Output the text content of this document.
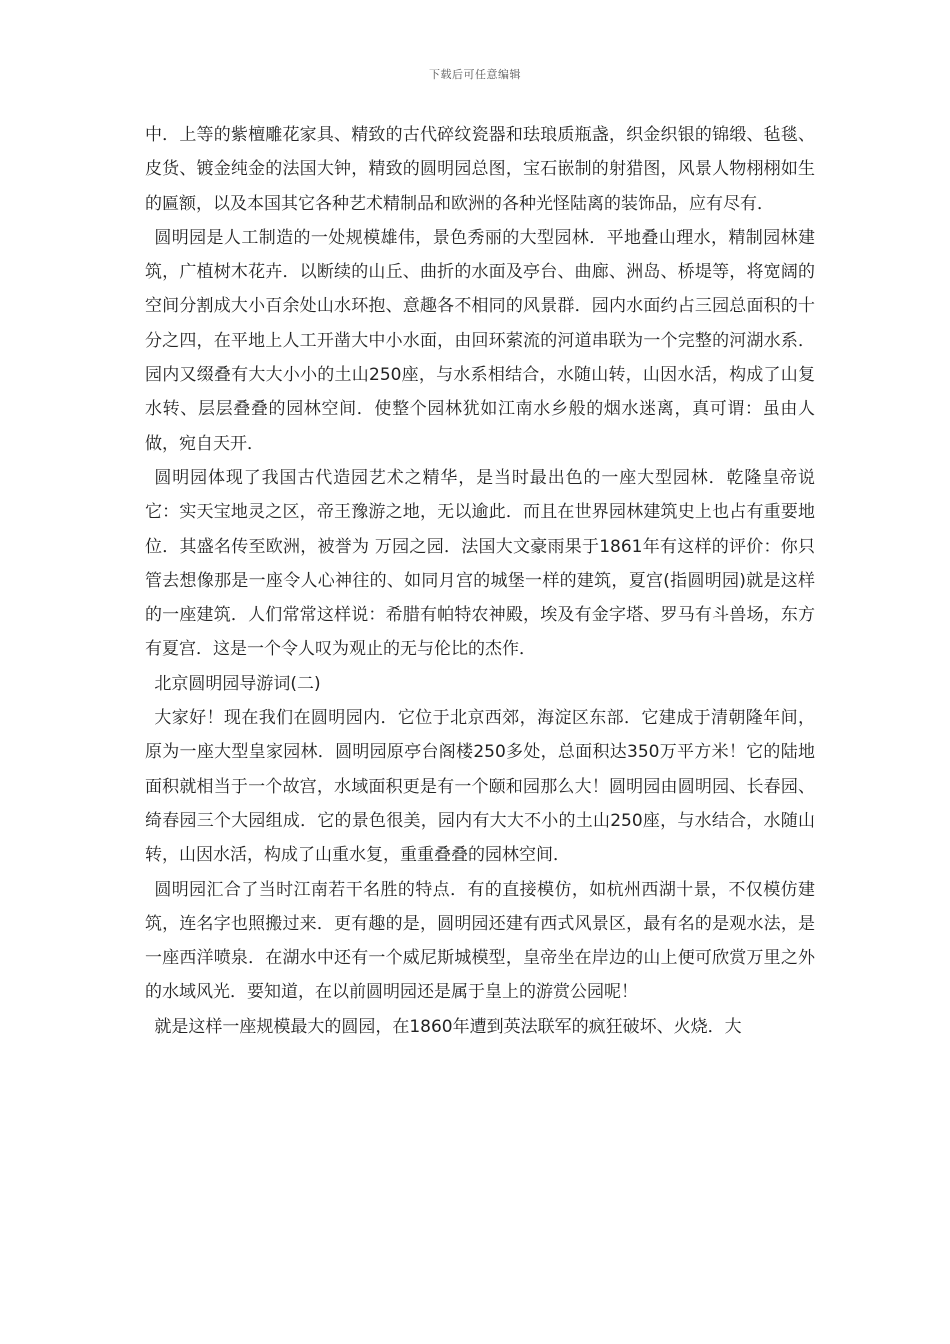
下载后可任意编辑

中．上等的紫檀雕花家具、精致的古代碎纹瓷器和珐琅质瓶盏，织金织银的锦缎、毡毯、皮货、镀金纯金的法国大钟，精致的圆明园总图，宝石嵌制的射猎图，风景人物栩栩如生的匾额，以及本国其它各种艺术精制品和欧洲的各种光怪陆离的装饰品，应有尽有．

圆明园是人工制造的一处规模雄伟，景色秀丽的大型园林．平地叠山理水，精制园林建筑，广植树木花卉．以断续的山丘、曲折的水面及亭台、曲廊、洲岛、桥堤等，将宽阔的空间分割成大小百余处山水环抱、意趣各不相同的风景群．园内水面约占三园总面积的十分之四，在平地上人工开凿大中小水面，由回环萦流的河道串联为一个完整的河湖水系．园内又缀叠有大大小小的土山250座，与水系相结合，水随山转，山因水活，构成了山复水转、层层叠叠的园林空间．使整个园林犹如江南水乡般的烟水迷离，真可谓：虽由人做，宛自天开．

圆明园体现了我国古代造园艺术之精华，是当时最出色的一座大型园林．乾隆皇帝说它：实天宝地灵之区，帝王豫游之地，无以逾此．而且在世界园林建筑史上也占有重要地位．其盛名传至欧洲，被誉为 万园之园．法国大文豪雨果于1861年有这样的评价：你只管去想像那是一座令人心神往的、如同月宫的城堡一样的建筑，夏宫(指圆明园)就是这样的一座建筑．人们常常这样说：希腊有帕特农神殿，埃及有金字塔、罗马有斗兽场，东方有夏宫．这是一个令人叹为观止的无与伦比的杰作．

北京圆明园导游词(二)

大家好！现在我们在圆明园内．它位于北京西郊，海淀区东部．它建成于清朝隆年间，原为一座大型皇家园林．圆明园原亭台阁楼250多处，总面积达350万平方米！它的陆地面积就相当于一个故宫，水域面积更是有一个颐和园那么大！圆明园由圆明园、长春园、绮春园三个大园组成．它的景色很美，园内有大大不小的土山250座，与水结合，水随山转，山因水活，构成了山重水复，重重叠叠的园林空间．

圆明园汇合了当时江南若干名胜的特点．有的直接模仿，如杭州西湖十景，不仅模仿建筑，连名字也照搬过来．更有趣的是，圆明园还建有西式风景区，最有名的是观水法，是一座西洋喷泉．在湖水中还有一个威尼斯城模型，皇帝坐在岸边的山上便可欣赏万里之外的水域风光．要知道，在以前圆明园还是属于皇上的游赏公园呢！

就是这样一座规模最大的圆园，在1860年遭到英法联军的疯狂破坏、火烧．大
